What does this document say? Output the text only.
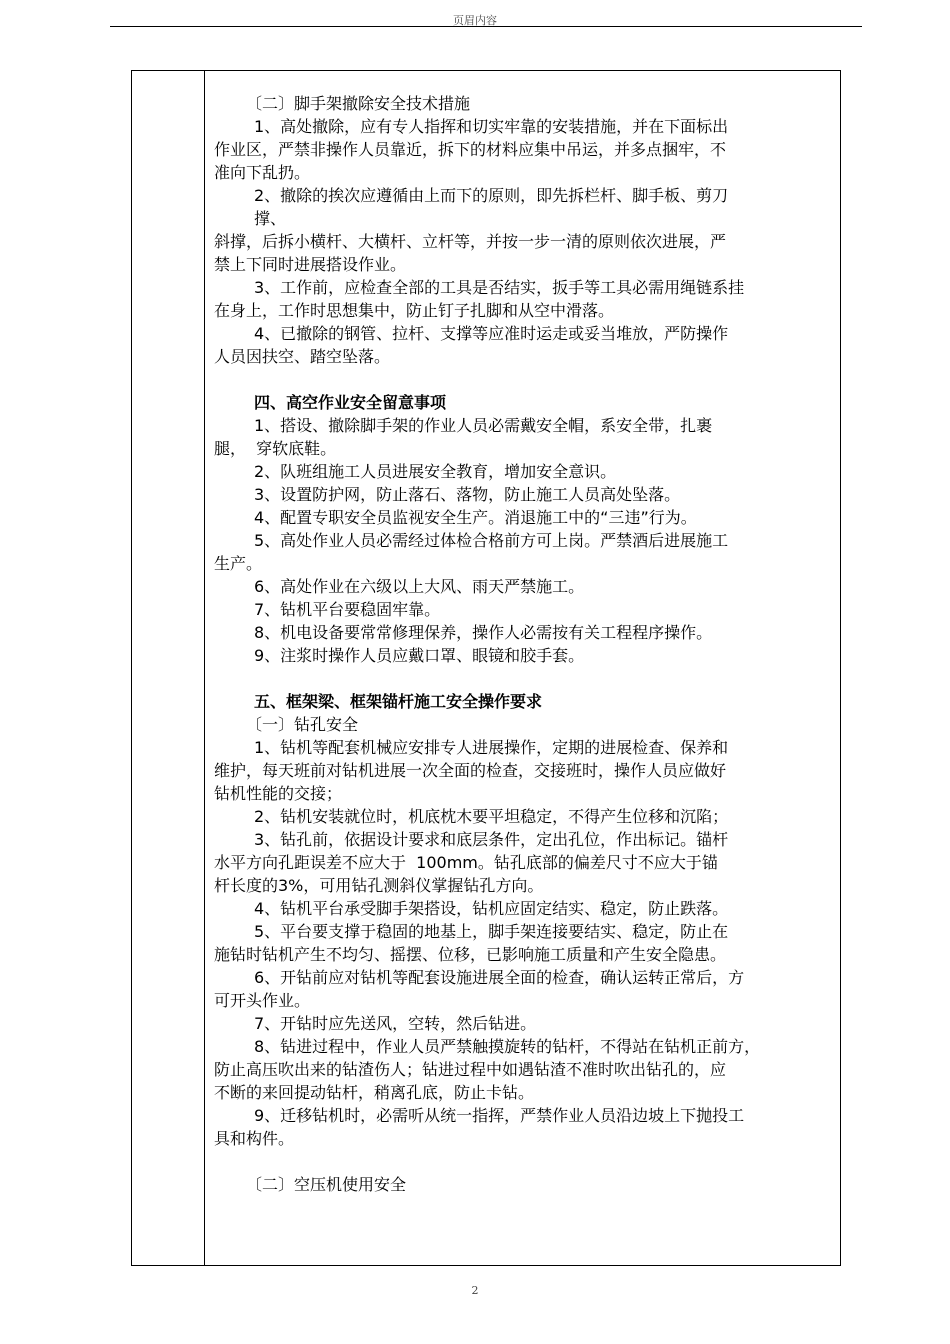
页眉内容
〔二〕脚手架撤除安全技术措施
1、高处撤除，应有专人指挥和切实牢靠的安装措施，并在下面标出
作业区，严禁非操作人员靠近，拆下的材料应集中吊运，并多点捆牢，不
准向下乱扔。
2、撤除的挨次应遵循由上而下的原则，即先拆栏杆、脚手板、剪刀
撑、
斜撑，后拆小横杆、大横杆、立杆等，并按一步一清的原则依次进展，严
禁上下同时进展搭设作业。
3、工作前，应检查全部的工具是否结实，扳手等工具必需用绳链系挂
在身上，工作时思想集中，防止钉子扎脚和从空中滑落。
4、已撤除的钢管、拉杆、支撑等应准时运走或妥当堆放，严防操作
人员因扶空、踏空坠落。
四、高空作业安全留意事项
1、搭设、撤除脚手架的作业人员必需戴安全帽，系安全带，扎裹
腿，  穿软底鞋。
2、队班组施工人员进展安全教育，增加安全意识。
3、设置防护网，防止落石、落物，防止施工人员高处坠落。
4、配置专职安全员监视安全生产。消退施工中的“三违”行为。
5、高处作业人员必需经过体检合格前方可上岗。严禁酒后进展施工
生产。
6、高处作业在六级以上大风、雨天严禁施工。
7、钻机平台要稳固牢靠。
8、机电设备要常常修理保养，操作人必需按有关工程程序操作。
9、注浆时操作人员应戴口罩、眼镜和胶手套。
五、框架梁、框架锚杆施工安全操作要求
〔一〕钻孔安全
1、钻机等配套机械应安排专人进展操作，定期的进展检查、保养和
维护，每天班前对钻机进展一次全面的检查，交接班时，操作人员应做好
钻机性能的交接；
2、钻机安装就位时，机底枕木要平坦稳定，不得产生位移和沉陷；
3、钻孔前，依据设计要求和底层条件，定出孔位，作出标记。锚杆
水平方向孔距误差不应大于  100mm。钻孔底部的偏差尺寸不应大于锚
杆长度的3%，可用钻孔测斜仪掌握钻孔方向。
4、钻机平台承受脚手架搭设，钻机应固定结实、稳定，防止跌落。
5、平台要支撑于稳固的地基上，脚手架连接要结实、稳定，防止在
施钻时钻机产生不均匀、摇摆、位移，已影响施工质量和产生安全隐患。
6、开钻前应对钻机等配套设施进展全面的检查，确认运转正常后，方
可开头作业。
7、开钻时应先送风，空转，然后钻进。
8、钻进过程中，作业人员严禁触摸旋转的钻杆，不得站在钻机正前方，
防止高压吹出来的钻渣伤人；钻进过程中如遇钻渣不准时吹出钻孔的，应
不断的来回提动钻杆，稍离孔底，防止卡钻。
9、迁移钻机时，必需听从统一指挥，严禁作业人员沿边坡上下抛投工
具和构件。
〔二〕空压机使用安全
2
